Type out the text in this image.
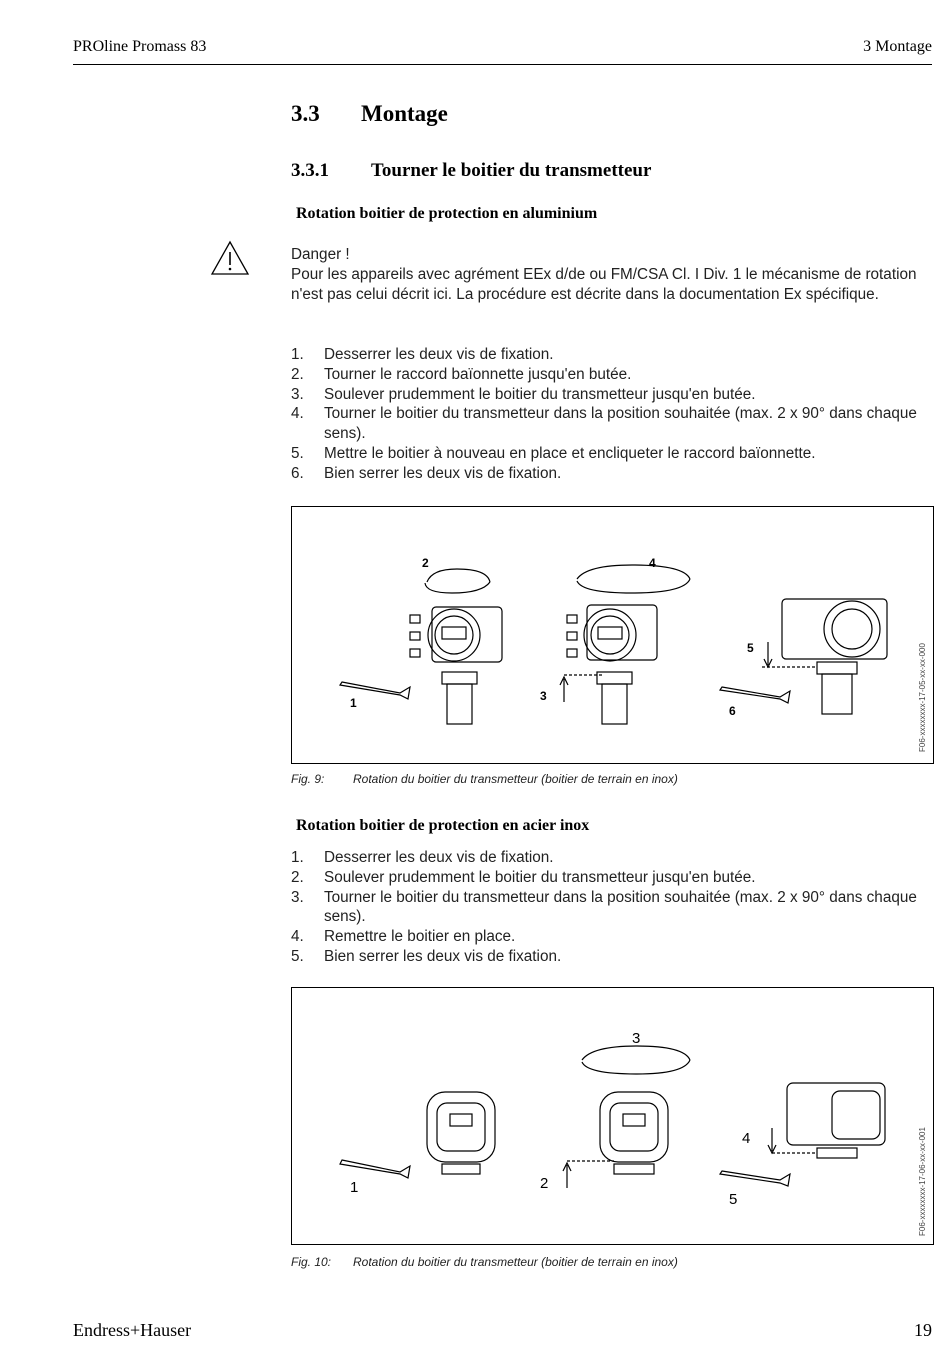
PROline Promass 83	3 Montage
3.3 Montage
3.3.1 Tourner le boitier du transmetteur
Rotation boitier de protection en aluminium
Danger !
Pour les appareils avec agrément EEx d/de ou FM/CSA Cl. I Div. 1 le mécanisme de rotation n'est pas celui décrit ici. La procédure est décrite dans la documentation Ex spécifique.
1. Desserrer les deux vis de fixation.
2. Tourner le raccord baïonnette jusqu'en butée.
3. Soulever prudemment le boitier du transmetteur jusqu'en butée.
4. Tourner le boitier du transmetteur dans la position souhaitée (max. 2 x 90° dans chaque sens).
5. Mettre le boitier à nouveau en place et encliqueter le raccord baïonnette.
6. Bien serrer les deux vis de fixation.
1
2
3
4
5
6	F06-xxxxxxxx-17-05-xx-xx-000
Fig. 9: Rotation du boitier du transmetteur (boitier de terrain en inox)
Rotation boitier de protection en acier inox
1. Desserrer les deux vis de fixation.
2. Soulever prudemment le boitier du transmetteur jusqu'en butée.
3. Tourner le boitier du transmetteur dans la position souhaitée (max. 2 x 90° dans chaque sens).
4. Remettre le boitier en place.
5. Bien serrer les deux vis de fixation.
1	2
3
4
5	F06-xxxxxxxx-17-06-xx-xx-001
Fig. 10: Rotation du boitier du transmetteur (boitier de terrain en inox)
Endress+Hauser	19
